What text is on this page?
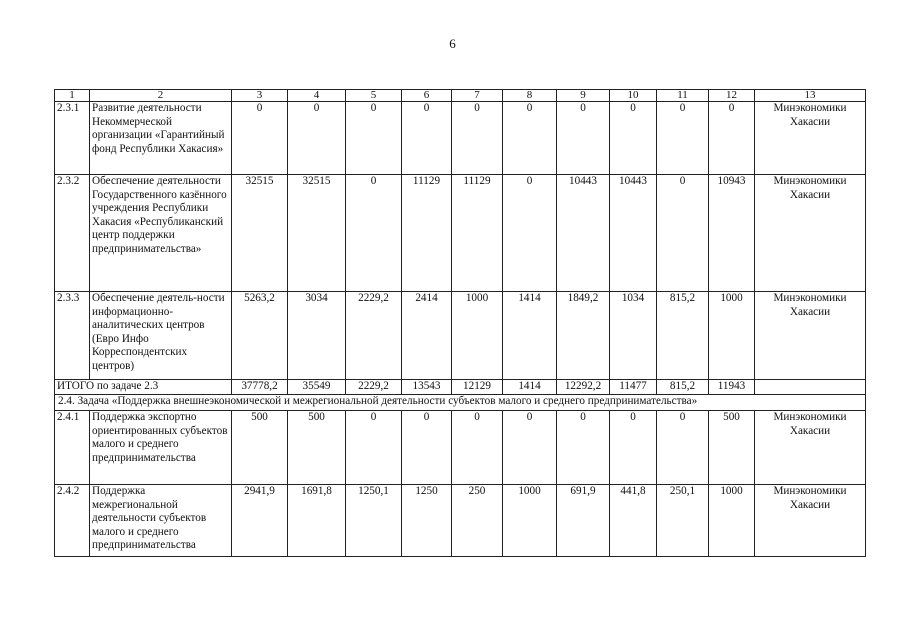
6
1	2	3	4	5	6	7	8	9	10	11	12	13
2.3.1	Развитие деятельности Некоммерческой организации «Гарантийный фонд Республики Хакасия»	0	0	0	0	0	0	0	0	0	0	Минэкономики Хакасии
2.3.2	Обеспечение деятельности Государственного казённого учреждения Республики Хакасия «Республиканский центр поддержки предпринимательства»	32515	32515	0	11129	11129	0	10443	10443	0	10943	Минэкономики Хакасии
2.3.3	Обеспечение деятель-ности информационно-аналитических центров (Евро Инфо Корреспондентских центров)	5263,2	3034	2229,2	2414	1000	1414	1849,2	1034	815,2	1000	Минэкономики Хакасии
ИТОГО по задаче 2.3		37778,2	35549	2229,2	13543	12129	1414	12292,2	11477	815,2	11943	
2.4. Задача «Поддержка внешнеэкономической и межрегиональной деятельности субъектов малого и среднего предпринимательства»												
2.4.1	Поддержка экспортно ориентированных субъектов малого и среднего предпринимательства	500	500	0	0	0	0	0	0	0	500	Минэкономики Хакасии
2.4.2	Поддержка межрегиональной деятельности субъектов малого и среднего предпринимательства	2941,9	1691,8	1250,1	1250	250	1000	691,9	441,8	250,1	1000	Минэкономики Хакасии
